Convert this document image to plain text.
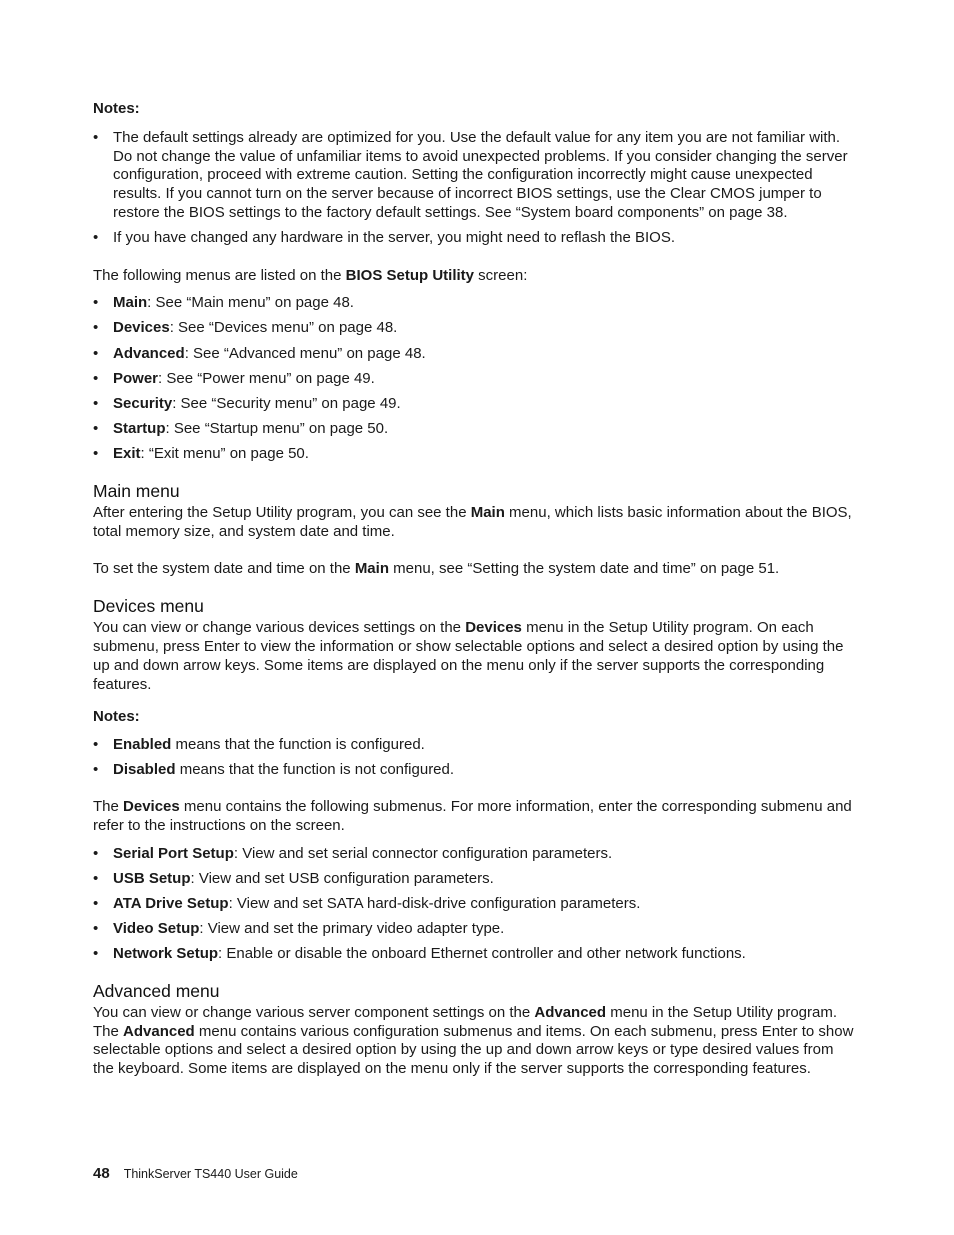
Notes:

• The default settings already are optimized for you. Use the default value for any item you are not familiar with. Do not change the value of unfamiliar items to avoid unexpected problems. If you consider changing the server configuration, proceed with extreme caution. Setting the configuration incorrectly might cause unexpected results. If you cannot turn on the server because of incorrect BIOS settings, use the Clear CMOS jumper to restore the BIOS settings to the factory default settings. See “System board components” on page 38.
• If you have changed any hardware in the server, you might need to reflash the BIOS.

The following menus are listed on the BIOS Setup Utility screen:

• Main: See “Main menu” on page 48.
• Devices: See “Devices menu” on page 48.
• Advanced: See “Advanced menu” on page 48.
• Power: See “Power menu” on page 49.
• Security: See “Security menu” on page 49.
• Startup: See “Startup menu” on page 50.
• Exit: “Exit menu” on page 50.
Main menu

After entering the Setup Utility program, you can see the Main menu, which lists basic information about the BIOS, total memory size, and system date and time.

To set the system date and time on the Main menu, see “Setting the system date and time” on page 51.

Devices menu

You can view or change various devices settings on the Devices menu in the Setup Utility program. On each submenu, press Enter to view the information or show selectable options and select a desired option by using the up and down arrow keys. Some items are displayed on the menu only if the server supports the corresponding features.

Notes:

• Enabled means that the function is configured.
• Disabled means that the function is not configured.

The Devices menu contains the following submenus. For more information, enter the corresponding submenu and refer to the instructions on the screen.

• Serial Port Setup: View and set serial connector configuration parameters.
• USB Setup: View and set USB configuration parameters.
• ATA Drive Setup: View and set SATA hard-disk-drive configuration parameters.
• Video Setup: View and set the primary video adapter type.
• Network Setup: Enable or disable the onboard Ethernet controller and other network functions.
Advanced menu

You can view or change various server component settings on the Advanced menu in the Setup Utility program. The Advanced menu contains various configuration submenus and items. On each submenu, press Enter to show selectable options and select a desired option by using the up and down arrow keys or type desired values from the keyboard. Some items are displayed on the menu only if the server supports the corresponding features.

48 ThinkServer TS440 User Guide
